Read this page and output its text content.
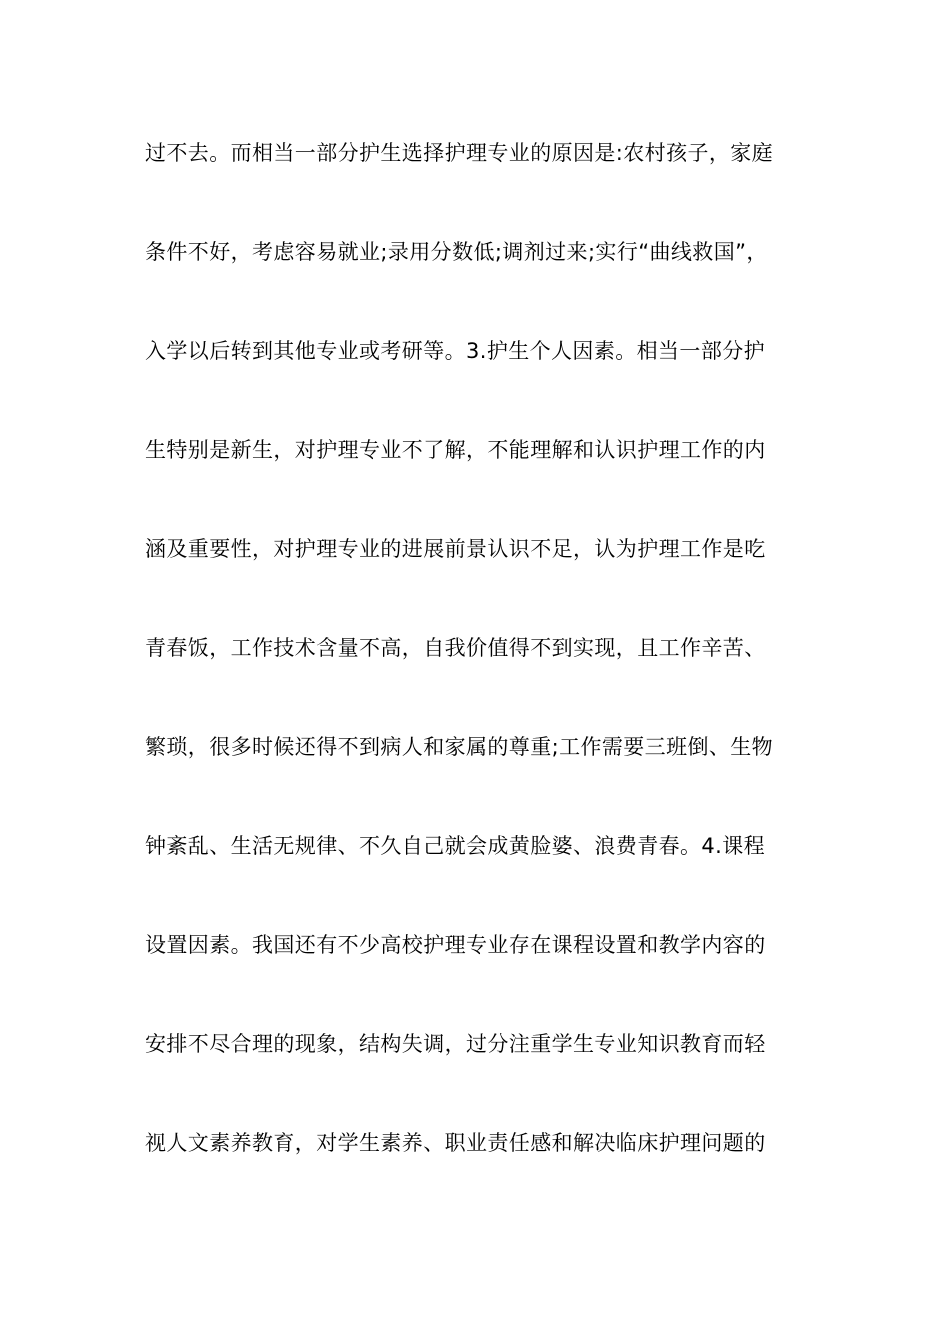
过不去。而相当一部分护生选择护理专业的原因是:农村孩子，家庭
条件不好，考虑容易就业;录用分数低;调剂过来;实行“曲线救国”，
入学以后转到其他专业或考研等。3.护生个人因素。相当一部分护
生特别是新生，对护理专业不了解，不能理解和认识护理工作的内
涵及重要性，对护理专业的进展前景认识不足，认为护理工作是吃
青春饭，工作技术含量不高，自我价值得不到实现，且工作辛苦、
繁琐，很多时候还得不到病人和家属的尊重;工作需要三班倒、生物
钟紊乱、生活无规律、不久自己就会成黄脸婆、浪费青春。4.课程
设置因素。我国还有不少高校护理专业存在课程设置和教学内容的
安排不尽合理的现象，结构失调，过分注重学生专业知识教育而轻
视人文素养教育，对学生素养、职业责任感和解决临床护理问题的
